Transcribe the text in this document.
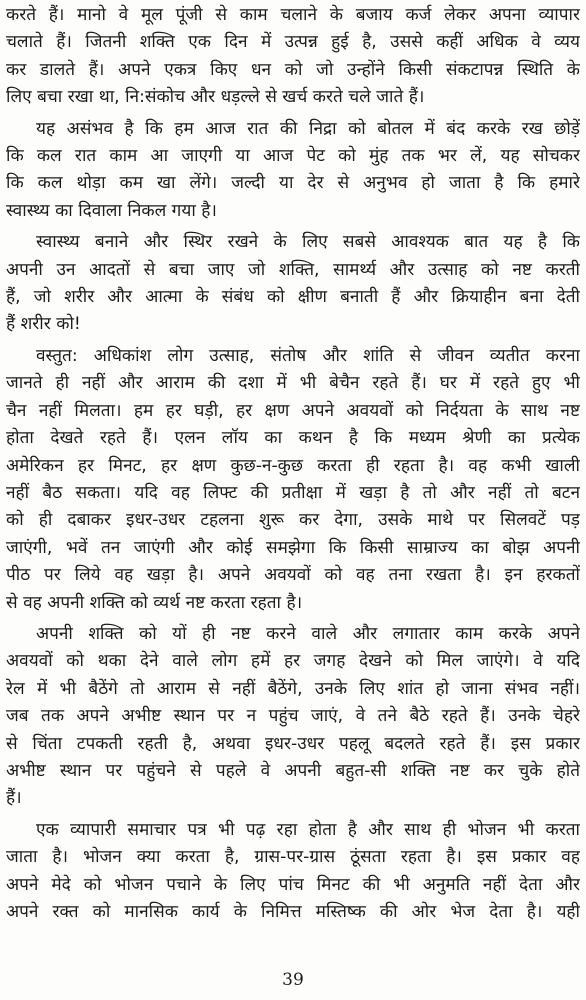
करते हैं। मानो वे मूल पूंजी से काम चलाने के बजाय कर्ज लेकर अपना व्यापार
चलाते हैं। जितनी शक्ति एक दिन में उत्पन्न हुई है, उससे कहीं अधिक वे व्यय
कर डालते हैं। अपने एकत्र किए धन को जो उन्होंने किसी संकटापन्न स्थिति के
लिए बचा रखा था, नि:संकोच और धड़ल्ले से खर्च करते चले जाते हैं।

यह असंभव है कि हम आज रात की निद्रा को बोतल में बंद करके रख छोड़ें
कि कल रात काम आ जाएगी या आज पेट को मुंह तक भर लें, यह सोचकर
कि कल थोड़ा कम खा लेंगे। जल्दी या देर से अनुभव हो जाता है कि हमारे
स्वास्थ्य का दिवाला निकल गया है।

स्वास्थ्य बनाने और स्थिर रखने के लिए सबसे आवश्यक बात यह है कि
अपनी उन आदतों से बचा जाए जो शक्ति, सामर्थ्य और उत्साह को नष्ट करती
हैं, जो शरीर और आत्मा के संबंध को क्षीण बनाती हैं और क्रियाहीन बना देती
हैं शरीर को!

वस्तुत: अधिकांश लोग उत्साह, संतोष और शांति से जीवन व्यतीत करना
जानते ही नहीं और आराम की दशा में भी बेचैन रहते हैं। घर में रहते हुए भी
चैन नहीं मिलता। हम हर घड़ी, हर क्षण अपने अवयवों को निर्दयता के साथ नष्ट
होता देखते रहते हैं। एलन लॉय का कथन है कि मध्यम श्रेणी का प्रत्येक
अमेरिकन हर मिनट, हर क्षण कुछ-न-कुछ करता ही रहता है। वह कभी खाली
नहीं बैठ सकता। यदि वह लिफ्ट की प्रतीक्षा में खड़ा है तो और नहीं तो बटन
को ही दबाकर इधर-उधर टहलना शुरू कर देगा, उसके माथे पर सिलवटें पड़
जाएंगी, भवें तन जाएंगी और कोई समझेगा कि किसी साम्राज्य का बोझ अपनी
पीठ पर लिये वह खड़ा है। अपने अवयवों को वह तना रखता है। इन हरकतों
से वह अपनी शक्ति को व्यर्थ नष्ट करता रहता है।

अपनी शक्ति को यों ही नष्ट करने वाले और लगातार काम करके अपने
अवयवों को थका देने वाले लोग हमें हर जगह देखने को मिल जाएंगे। वे यदि
रेल में भी बैठेंगे तो आराम से नहीं बैठेंगे, उनके लिए शांत हो जाना संभव नहीं।
जब तक अपने अभीष्ट स्थान पर न पहुंच जाएं, वे तने बैठे रहते हैं। उनके चेहरे
से चिंता टपकती रहती है, अथवा इधर-उधर पहलू बदलते रहते हैं। इस प्रकार
अभीष्ट स्थान पर पहुंचने से पहले वे अपनी बहुत-सी शक्ति नष्ट कर चुके होते
हैं।

एक व्यापारी समाचार पत्र भी पढ़ रहा होता है और साथ ही भोजन भी करता
जाता है। भोजन क्या करता है, ग्रास-पर-ग्रास ठूंसता रहता है। इस प्रकार वह
अपने मेदे को भोजन पचाने के लिए पांच मिनट की भी अनुमति नहीं देता और
अपने रक्त को मानसिक कार्य के निमित्त मस्तिष्क की ओर भेज देता है। यही

39
